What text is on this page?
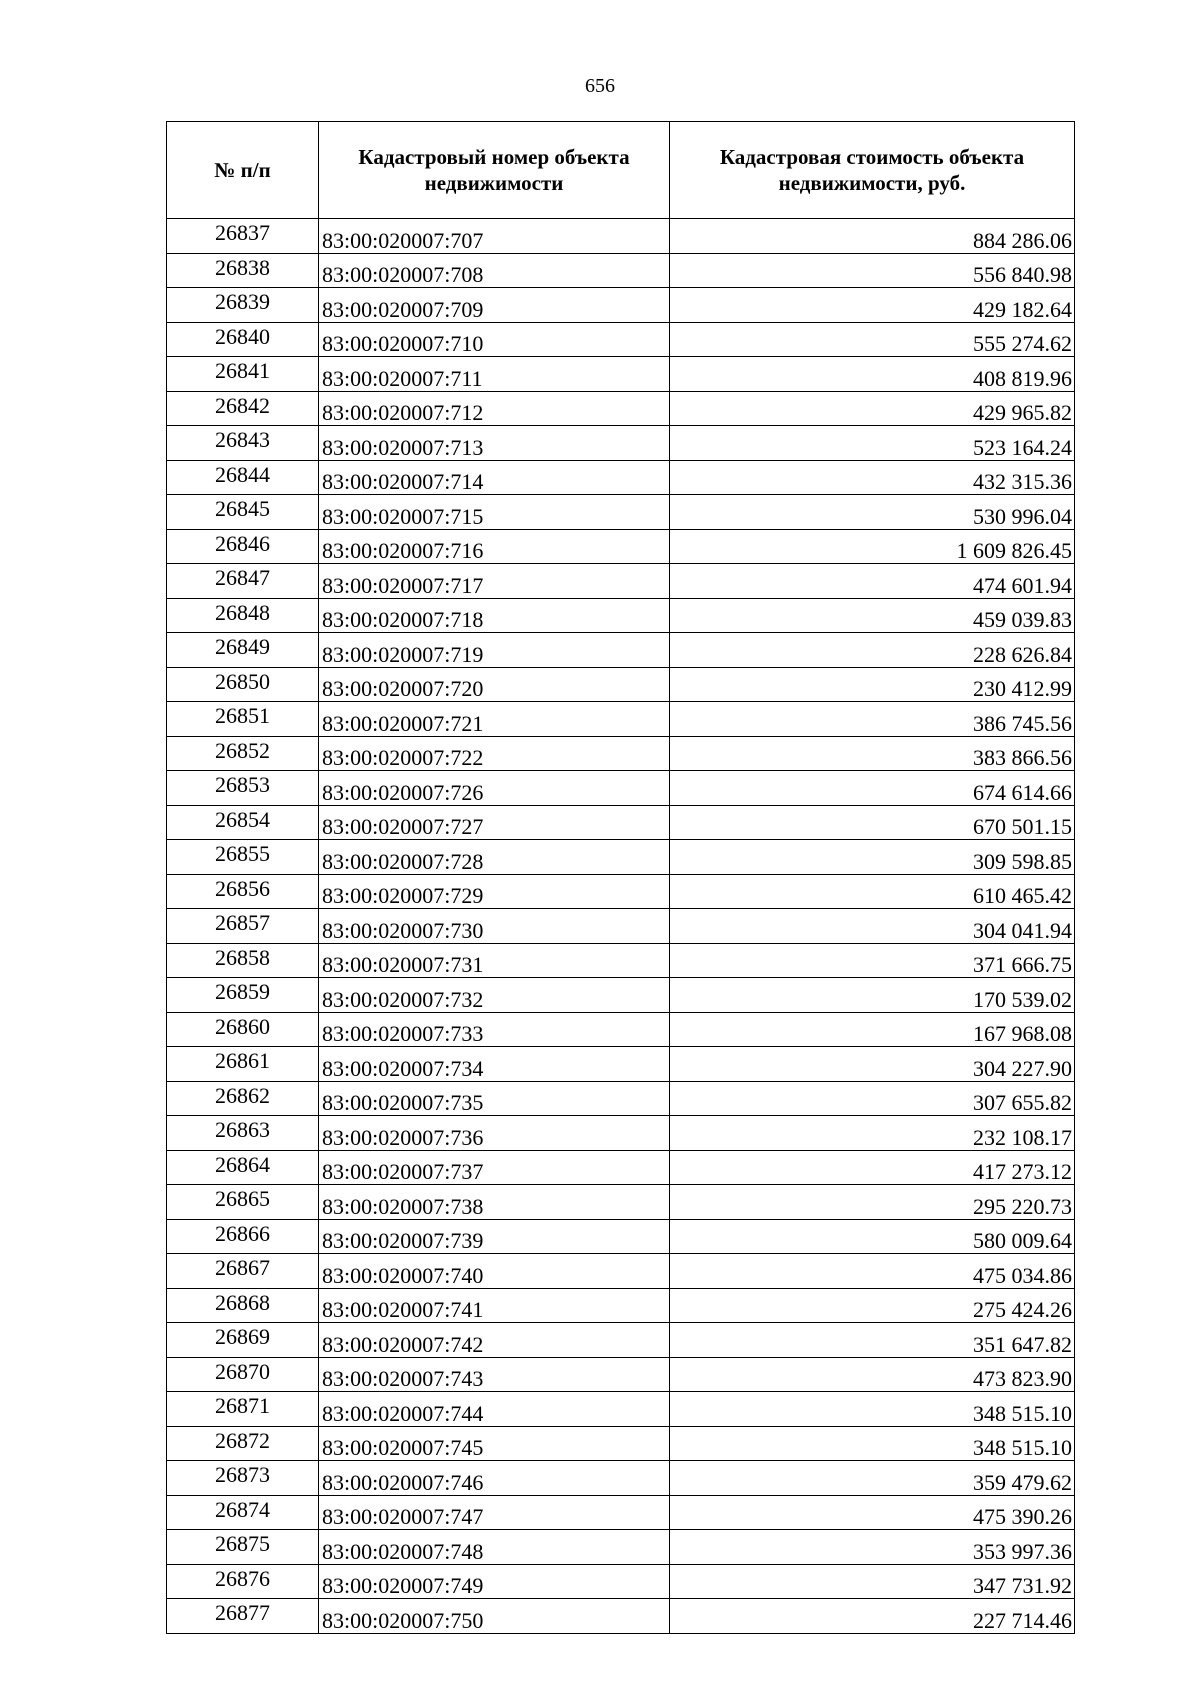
656
№ п/п	Кадастровый номер объекта недвижимости	Кадастровая стоимость объекта недвижимости, руб.
26837	83:00:020007:707	884 286.06
26838	83:00:020007:708	556 840.98
26839	83:00:020007:709	429 182.64
26840	83:00:020007:710	555 274.62
26841	83:00:020007:711	408 819.96
26842	83:00:020007:712	429 965.82
26843	83:00:020007:713	523 164.24
26844	83:00:020007:714	432 315.36
26845	83:00:020007:715	530 996.04
26846	83:00:020007:716	1 609 826.45
26847	83:00:020007:717	474 601.94
26848	83:00:020007:718	459 039.83
26849	83:00:020007:719	228 626.84
26850	83:00:020007:720	230 412.99
26851	83:00:020007:721	386 745.56
26852	83:00:020007:722	383 866.56
26853	83:00:020007:726	674 614.66
26854	83:00:020007:727	670 501.15
26855	83:00:020007:728	309 598.85
26856	83:00:020007:729	610 465.42
26857	83:00:020007:730	304 041.94
26858	83:00:020007:731	371 666.75
26859	83:00:020007:732	170 539.02
26860	83:00:020007:733	167 968.08
26861	83:00:020007:734	304 227.90
26862	83:00:020007:735	307 655.82
26863	83:00:020007:736	232 108.17
26864	83:00:020007:737	417 273.12
26865	83:00:020007:738	295 220.73
26866	83:00:020007:739	580 009.64
26867	83:00:020007:740	475 034.86
26868	83:00:020007:741	275 424.26
26869	83:00:020007:742	351 647.82
26870	83:00:020007:743	473 823.90
26871	83:00:020007:744	348 515.10
26872	83:00:020007:745	348 515.10
26873	83:00:020007:746	359 479.62
26874	83:00:020007:747	475 390.26
26875	83:00:020007:748	353 997.36
26876	83:00:020007:749	347 731.92
26877	83:00:020007:750	227 714.46
